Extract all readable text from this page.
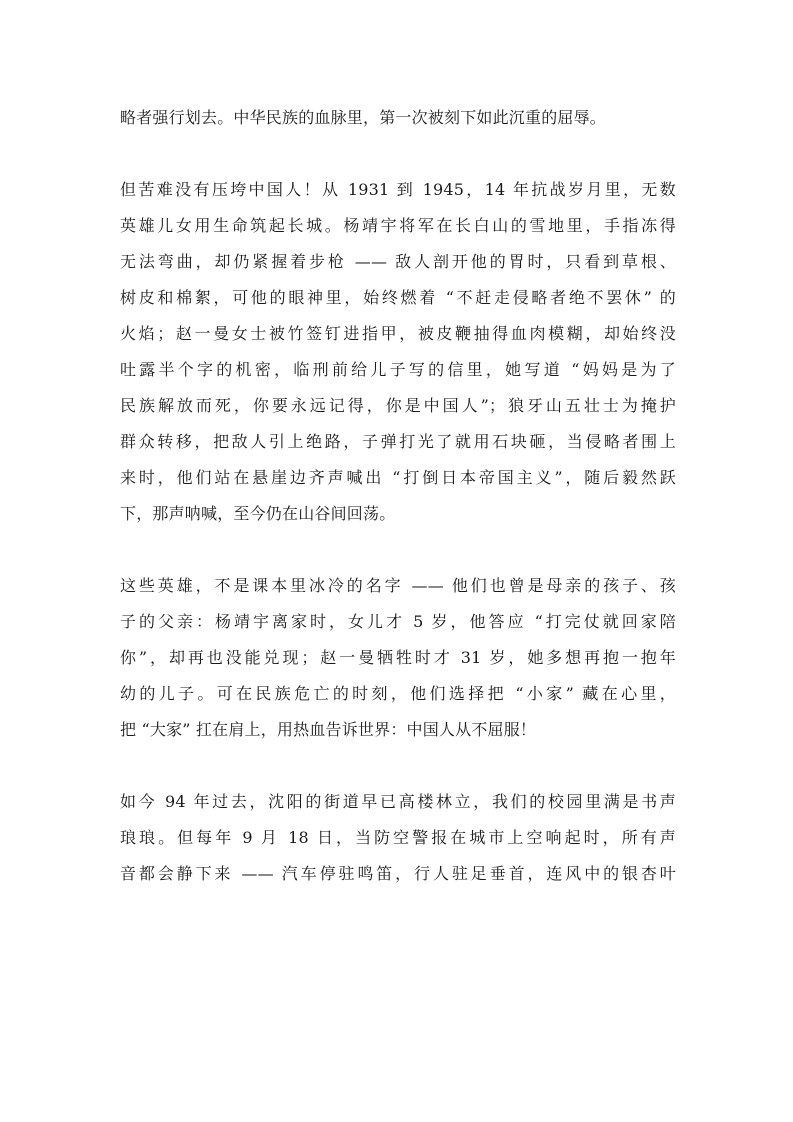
略者强行划去。中华民族的血脉里，第一次被刻下如此沉重的屈辱。
但苦难没有压垮中国人！从 1931 到 1945，14 年抗战岁月里，无数
英雄儿女用生命筑起长城。杨靖宇将军在长白山的雪地里，手指冻得
无法弯曲，却仍紧握着步枪 —— 敌人剖开他的胃时，只看到草根、
树皮和棉絮，可他的眼神里，始终燃着 “不赶走侵略者绝不罢休” 的
火焰；赵一曼女士被竹签钉进指甲，被皮鞭抽得血肉模糊，却始终没
吐露半个字的机密，临刑前给儿子写的信里，她写道 “妈妈是为了
民族解放而死，你要永远记得，你是中国人”；狼牙山五壮士为掩护
群众转移，把敌人引上绝路，子弹打光了就用石块砸，当侵略者围上
来时，他们站在悬崖边齐声喊出 “打倒日本帝国主义”，随后毅然跃
下，那声呐喊，至今仍在山谷间回荡。
这些英雄，不是课本里冰冷的名字 —— 他们也曾是母亲的孩子、孩
子的父亲：杨靖宇离家时，女儿才 5 岁，他答应 “打完仗就回家陪
你”，却再也没能兑现；赵一曼牺牲时才 31 岁，她多想再抱一抱年
幼的儿子。可在民族危亡的时刻，他们选择把 “小家” 藏在心里，
把 “大家” 扛在肩上，用热血告诉世界：中国人从不屈服！
如今 94 年过去，沈阳的街道早已高楼林立，我们的校园里满是书声
琅琅。但每年 9 月 18 日，当防空警报在城市上空响起时，所有声
音都会静下来 —— 汽车停驻鸣笛，行人驻足垂首，连风中的银杏叶
